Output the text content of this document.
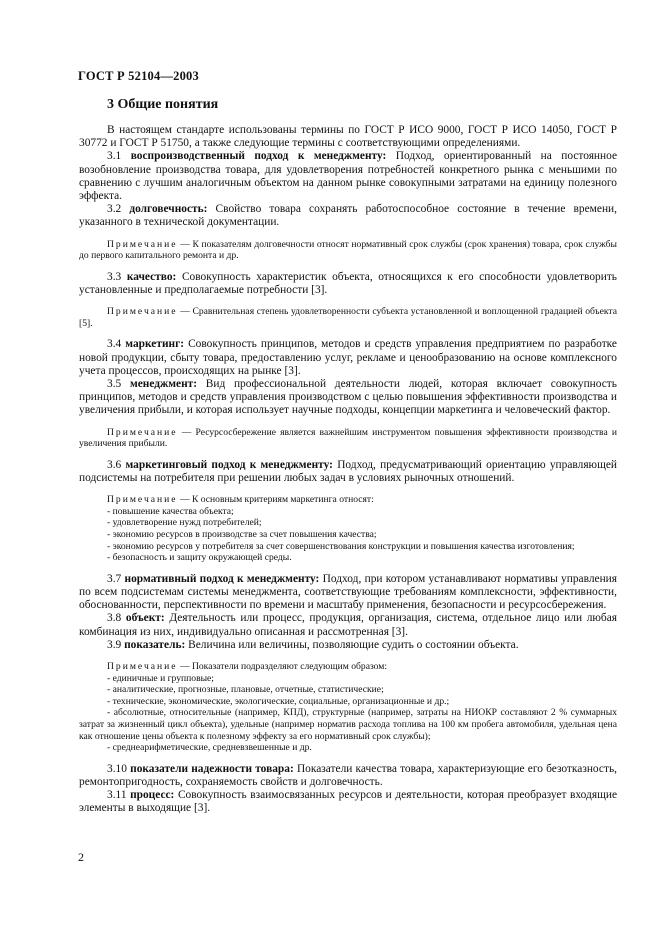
ГОСТ Р 52104—2003
3 Общие понятия

В настоящем стандарте использованы термины по ГОСТ Р ИСО 9000, ГОСТ Р ИСО 14050, ГОСТ Р 30772 и ГОСТ Р 51750, а также следующие термины с соответствующими определениями.

3.1 воспроизводственный подход к менеджменту: Подход, ориентированный на постоянное возобновление производства товара, для удовлетворения потребностей конкретного рынка с меньшими по сравнению с лучшим аналогичным объектом на данном рынке совокупными затратами на единицу полезного эффекта.

3.2 долговечность: Свойство товара сохранять работоспособное состояние в течение времени, указанного в технической документации.

Примечание — К показателям долговечности относят нормативный срок службы (срок хранения) товара, срок службы до первого капитального ремонта и др.

3.3 качество: Совокупность характеристик объекта, относящихся к его способности удовлетворить установленные и предполагаемые потребности [3].

Примечание — Сравнительная степень удовлетворенности субъекта установленной и воплощенной градацией объекта [5].

3.4 маркетинг: Совокупность принципов, методов и средств управления предприятием по разработке новой продукции, сбыту товара, предоставлению услуг, рекламе и ценообразованию на основе комплексного учета процессов, происходящих на рынке [3].

3.5 менеджмент: Вид профессиональной деятельности людей, которая включает совокупность принципов, методов и средств управления производством с целью повышения эффективности производства и увеличения прибыли, и которая использует научные подходы, концепции маркетинга и человеческий фактор.

Примечание — Ресурсосбережение является важнейшим инструментом повышения эффективности производства и увеличения прибыли.

3.6 маркетинговый подход к менеджменту: Подход, предусматривающий ориентацию управляющей подсистемы на потребителя при решении любых задач в условиях рыночных отношений.

Примечание — К основным критериям маркетинга относят:

- повышение качества объекта;
- удовлетворение нужд потребителей;
- экономию ресурсов в производстве за счет повышения качества;
- экономию ресурсов у потребителя за счет совершенствования конструкции и повышения качества изготовления;
- безопасность и защиту окружающей среды.

3.7 нормативный подход к менеджменту: Подход, при котором устанавливают нормативы управления по всем подсистемам системы менеджмента, соответствующие требованиям комплексности, эффективности, обоснованности, перспективности по времени и масштабу применения, безопасности и ресурсосбережения.

3.8 объект: Деятельность или процесс, продукция, организация, система, отдельное лицо или любая комбинация из них, индивидуально описанная и рассмотренная [3].

3.9 показатель: Величина или величины, позволяющие судить о состоянии объекта.

Примечание — Показатели подразделяют следующим образом:

- единичные и групповые;
- аналитические, прогнозные, плановые, отчетные, статистические;
- технические, экономические, экологические, социальные, организационные и др.;
- абсолютные, относительные (например, КПД), структурные (например, затраты на НИОКР составляют 2 % суммарных затрат за жизненный цикл объекта), удельные (например норматив расхода топлива на 100 км пробега автомобиля, удельная цена как отношение цены объекта к полезному эффекту за его нормативный срок службы);
- среднеарифметические, средневзвешенные и др.

3.10 показатели надежности товара: Показатели качества товара, характеризующие его безотказность, ремонтопригодность, сохраняемость свойств и долговечность.

3.11 процесс: Совокупность взаимосвязанных ресурсов и деятельности, которая преобразует входящие элементы в выходящие [3].

2
